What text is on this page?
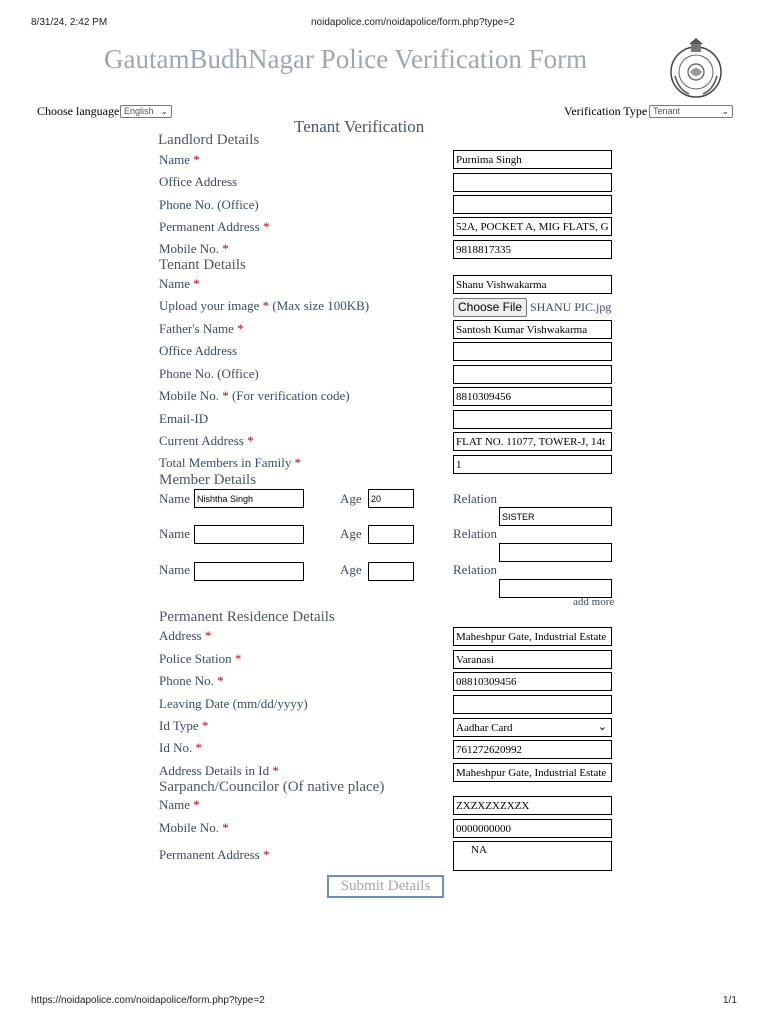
8/31/24, 2:42 PM	noidapolice.com/noidapolice/form.php?type=2
GautamBudhNagar Police Verification Form
Choose language English ⌄	Verification Type Tenant	⌄
Tenant Verification
Landlord Details
Name *	Purnima Singh
Office Address
Phone No. (Office)
Permanent Address *	52A, POCKET A, MIG FLATS, G
Mobile No. *	9818817335
Tenant Details
Name *	Shanu Vishwakarma
Upload your image * (Max size 100KB)	Choose File SHANU PIC.jpg
Father's Name *	Santosh Kumar Vishwakarma
Office Address
Phone No. (Office)
Mobile No. * (For verification code)	8810309456
Email-ID
Current Address *	FLAT NO. 11077, TOWER-J, 14t
Total Members in Family *	1
Member Details
Name Nishtha Singh	Age	20	Relation
SISTER
Name	Age	Relation
Name	Age	Relation
add more
Permanent Residence Details
Address *	Maheshpur Gate, Industrial Estate
Police Station *	Varanasi
Phone No. *	08810309456
Leaving Date (mm/dd/yyyy)
Id Type *	Aadhar Card	⌄
Id No. *	761272620992
Address Details in Id *	Maheshpur Gate, Industrial Estate
Sarpanch/Councilor (Of native place)
Name *	ZXZXZXZXZX
Mobile No. *	0000000000
Permanent Address *	NA
Submit Details
https://noidapolice.com/noidapolice/form.php?type=2	1/1
